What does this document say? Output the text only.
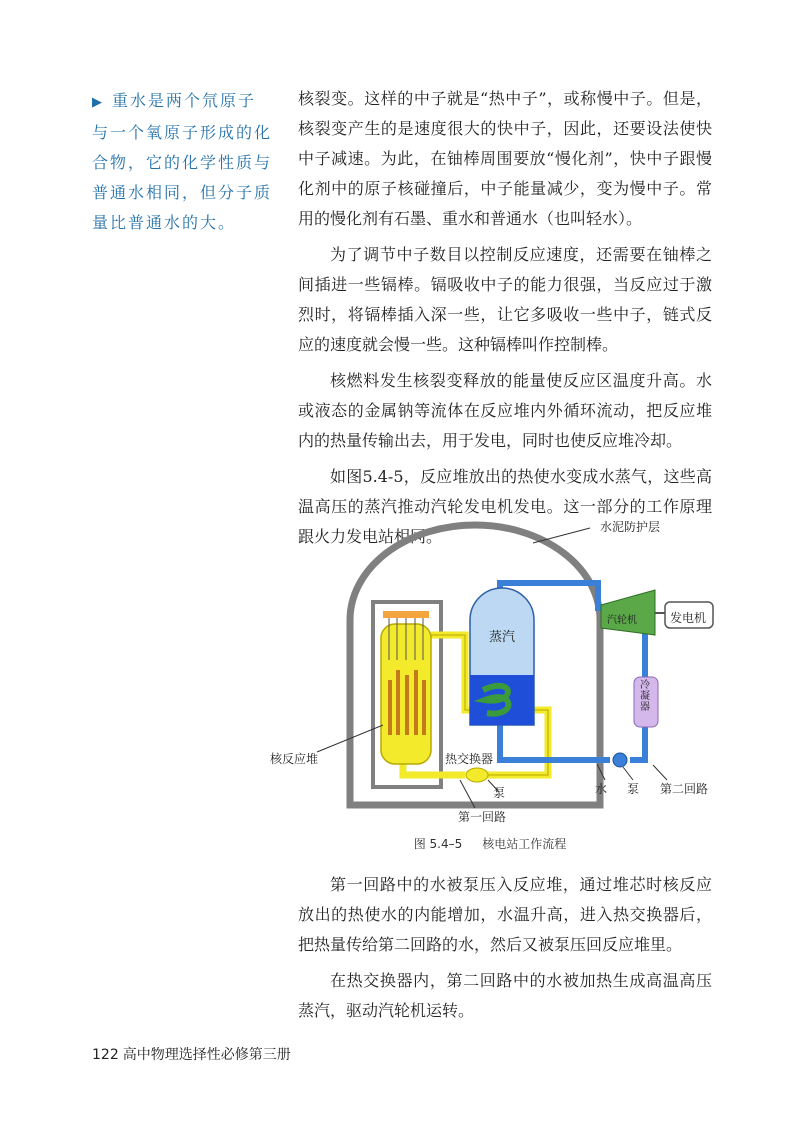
▶ 重水是两个氘原子与一个氧原子形成的化合物，它的化学性质与普通水相同，但分子质量比普通水的大。

核裂变。这样的中子就是“热中子”，或称慢中子。但是，核裂变产生的是速度很大的快中子，因此，还要设法使快中子减速。为此，在铀棒周围要放“慢化剂”，快中子跟慢化剂中的原子核碰撞后，中子能量减少，变为慢中子。常用的慢化剂有石墨、重水和普通水（也叫轻水）。

为了调节中子数目以控制反应速度，还需要在铀棒之间插进一些镉棒。镉吸收中子的能力很强，当反应过于激烈时，将镉棒插入深一些，让它多吸收一些中子，链式反应的速度就会慢一些。这种镉棒叫作控制棒。

核燃料发生核裂变释放的能量使反应区温度升高。水或液态的金属钠等流体在反应堆内外循环流动，把反应堆内的热量传输出去，用于发电，同时也使反应堆冷却。

如图5.4-5，反应堆放出的热使水变成水蒸气，这些高温高压的蒸汽推动汽轮发电机发电。这一部分的工作原理跟火力发电站相同。	水泥防护层
蒸汽
汽轮机	发电机
冷凝器
核反应堆	热交换器
泵
第一回路
水 泵 第二回路
图 5.4–5 核电站工作流程

第一回路中的水被泵压入反应堆，通过堆芯时核反应放出的热使水的内能增加，水温升高，进入热交换器后，把热量传给第二回路的水，然后又被泵压回反应堆里。

在热交换器内，第二回路中的水被加热生成高温高压蒸汽，驱动汽轮机运转。

122 高中物理选择性必修第三册
